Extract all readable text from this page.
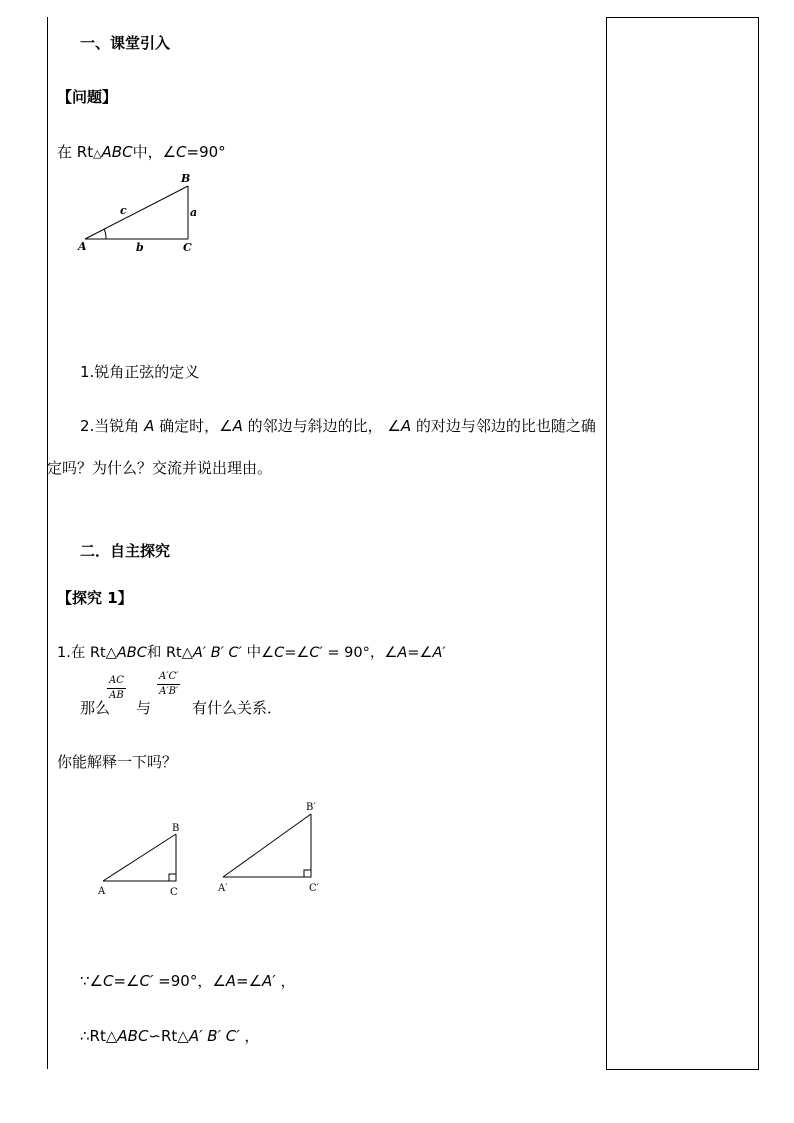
一、课堂引入
【问题】
在 Rt△ABC中，∠C=90°
B
a
c
A	b	C
1.锐角正弦的定义
2.当锐角 A 确定时，∠A 的邻边与斜边的比， ∠A 的对边与邻边的比也随之确
定吗？为什么？交流并说出理由。
二．自主探究
【探究 1】
1.在 Rt△ABC和 Rt△A′ B′ C′ 中∠C=∠C′ = 90°，∠A=∠A′
那么
$\frac{AC}{AB}$
与
$\frac{A'C'}{A'B'}$
有什么关系．
你能解释一下吗？
B
A	C
B′
A′	C′
∵∠C=∠C′ =90°，∠A=∠A′ ，
∴Rt△ABC∽Rt△A′ B′ C′ ，
